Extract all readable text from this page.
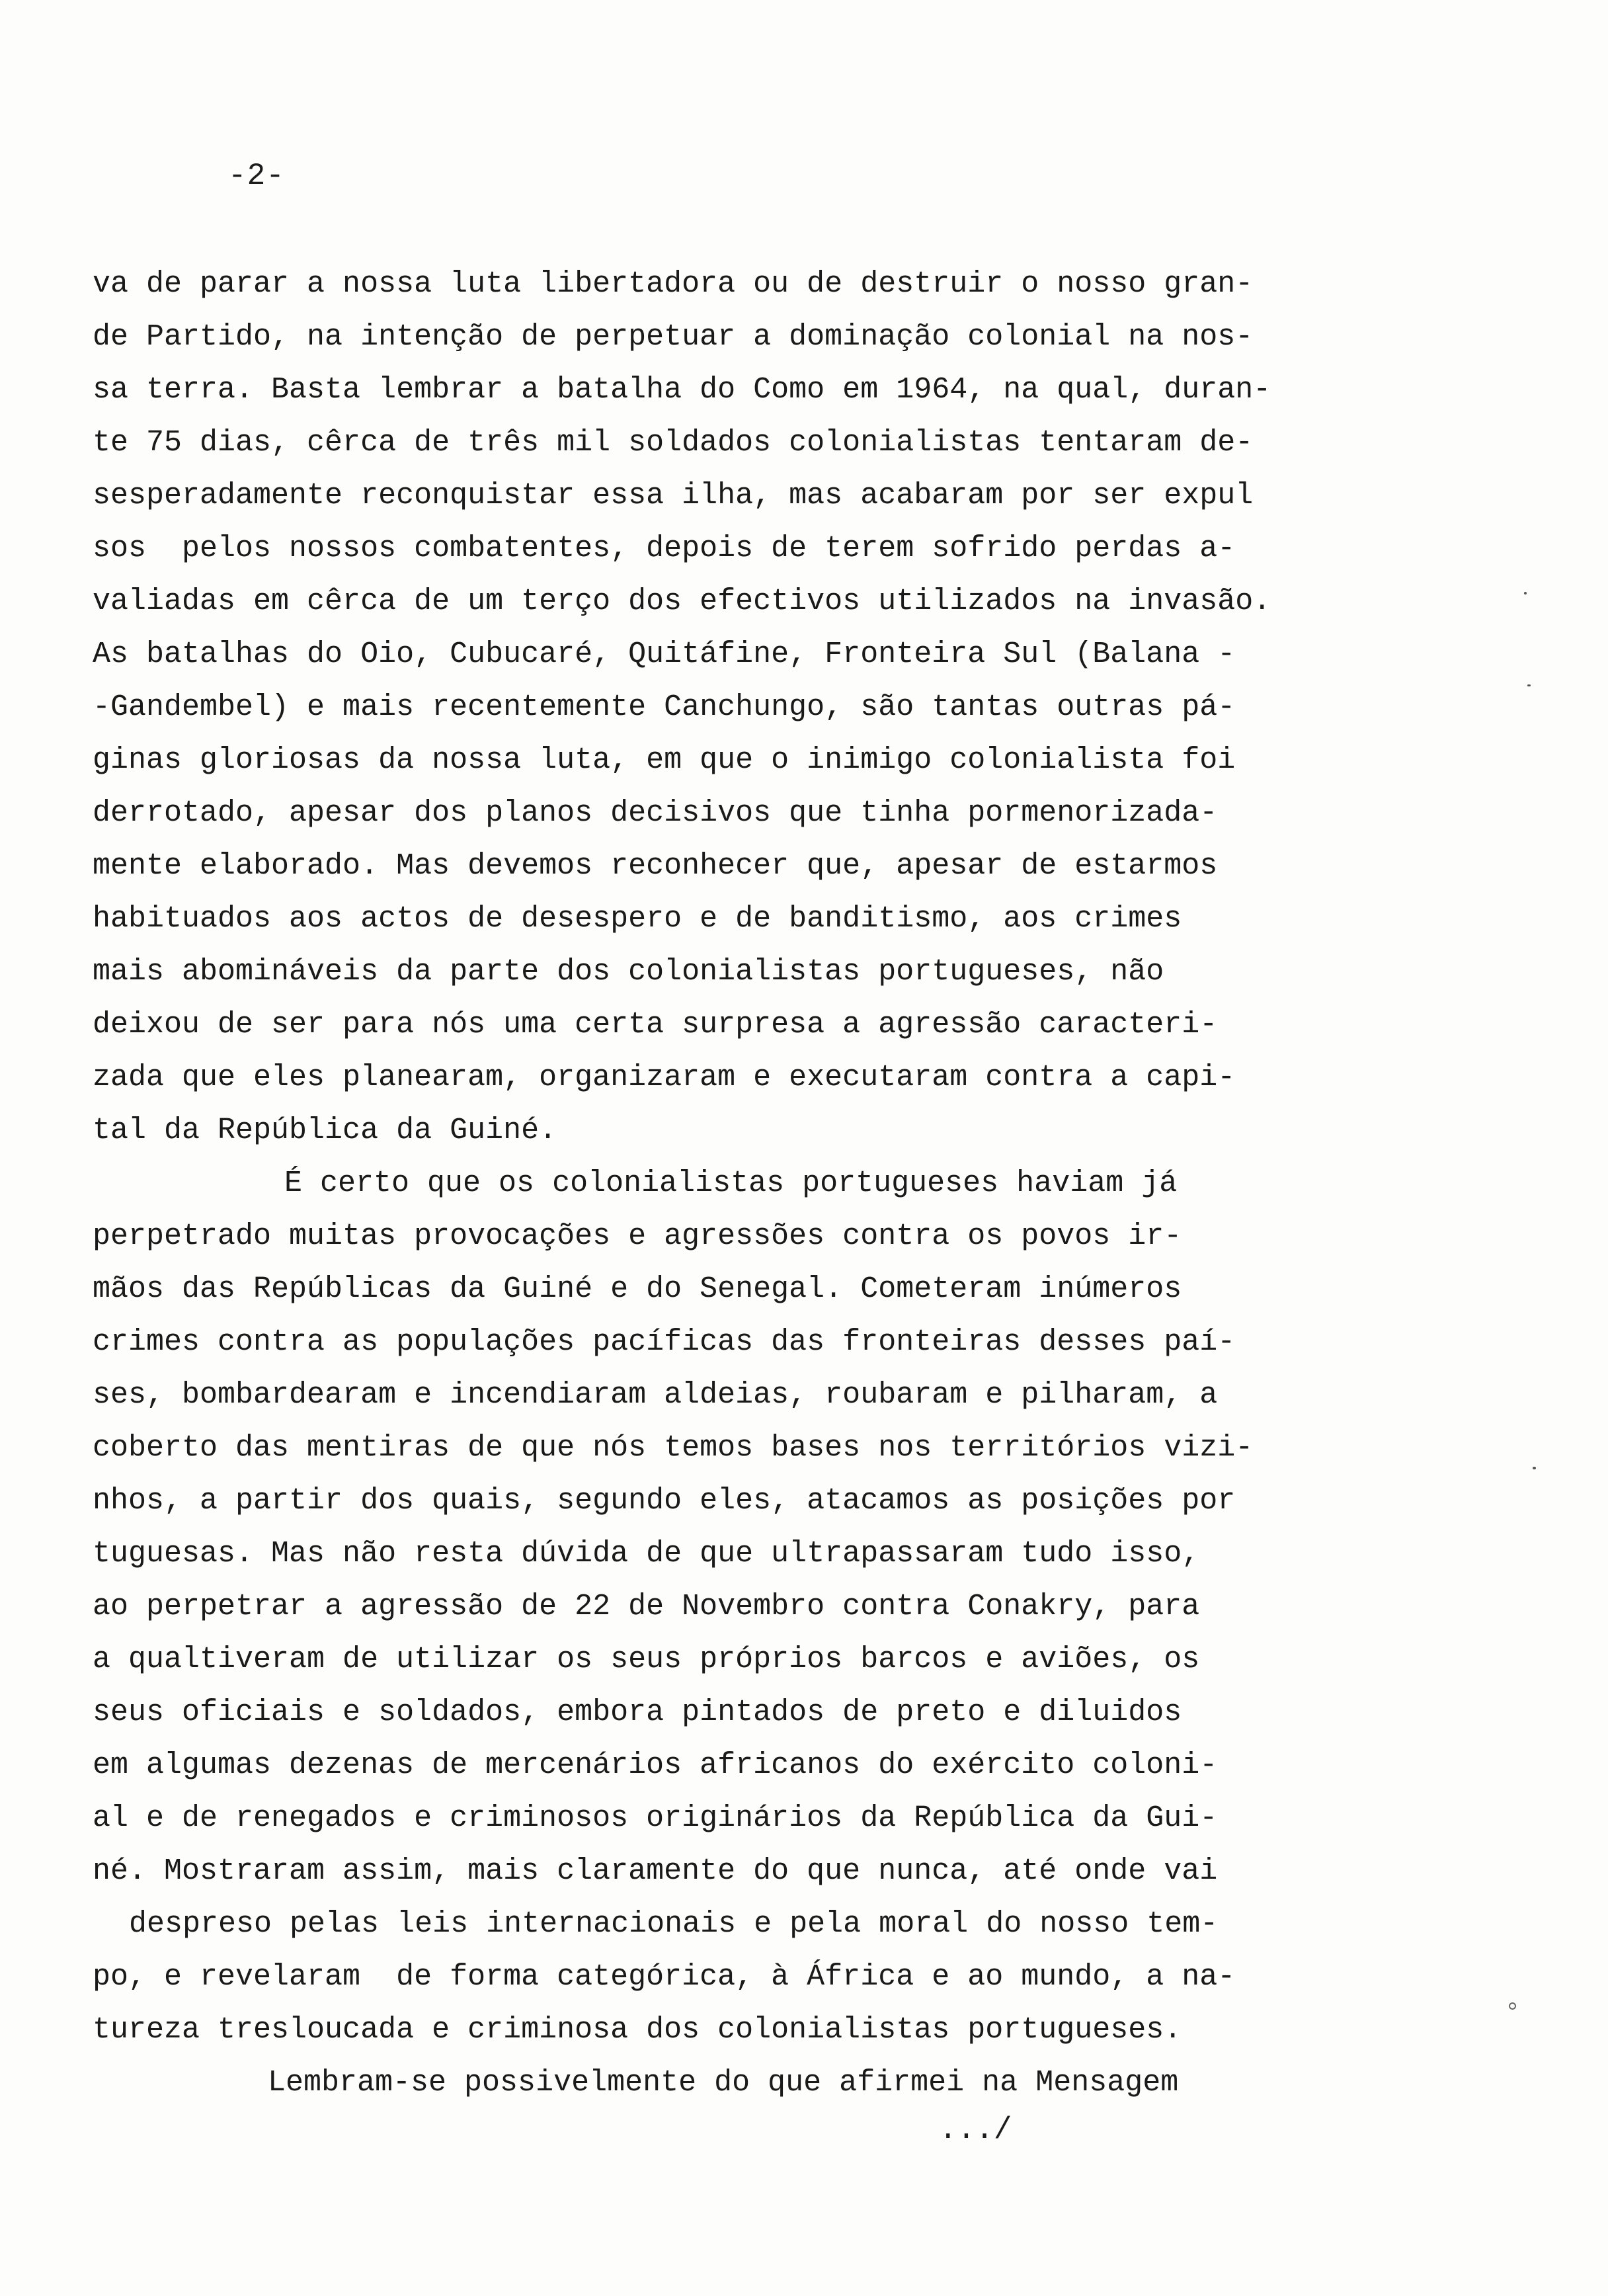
-2-
va de parar a nossa luta libertadora ou de destruir o nosso gran-
de Partido, na intenção de perpetuar a dominação colonial na nos-
sa terra. Basta lembrar a batalha do Como em 1964, na qual, duran-
te 75 dias, cêrca de três mil soldados colonialistas tentaram de-
sesperadamente reconquistar essa ilha, mas acabaram por ser expul
sos  pelos nossos combatentes, depois de terem sofrido perdas a-
valiadas em cêrca de um terço dos efectivos utilizados na invasão.
As batalhas do Oio, Cubucaré, Quitáfine, Fronteira Sul (Balana -
-Gandembel) e mais recentemente Canchungo, são tantas outras pá-
ginas gloriosas da nossa luta, em que o inimigo colonialista foi
derrotado, apesar dos planos decisivos que tinha pormenorizada-
mente elaborado. Mas devemos reconhecer que, apesar de estarmos
habituados aos actos de desespero e de banditismo, aos crimes
mais abomináveis da parte dos colonialistas portugueses, não
deixou de ser para nós uma certa surpresa a agressão caracteri-
zada que eles planearam, organizaram e executaram contra a capi-
tal da República da Guiné.
É certo que os colonialistas portugueses haviam já
perpetrado muitas provocações e agressões contra os povos ir-
mãos das Repúblicas da Guiné e do Senegal. Cometeram inúmeros
crimes contra as populações pacíficas das fronteiras desses paí-
ses, bombardearam e incendiaram aldeias, roubaram e pilharam, a
coberto das mentiras de que nós temos bases nos territórios vizi-
nhos, a partir dos quais, segundo eles, atacamos as posições por
tuguesas. Mas não resta dúvida de que ultrapassaram tudo isso,
ao perpetrar a agressão de 22 de Novembro contra Conakry, para
a qualtiveram de utilizar os seus próprios barcos e aviões, os
seus oficiais e soldados, embora pintados de preto e diluidos
em algumas dezenas de mercenários africanos do exército coloni-
al e de renegados e criminosos originários da República da Gui-
né. Mostraram assim, mais claramente do que nunca, até onde vai
despreso pelas leis internacionais e pela moral do nosso tem-
po, e revelaram  de forma categórica, à África e ao mundo, a na-
tureza tresloucada e criminosa dos colonialistas portugueses.
Lembram-se possivelmente do que afirmei na Mensagem
.../
